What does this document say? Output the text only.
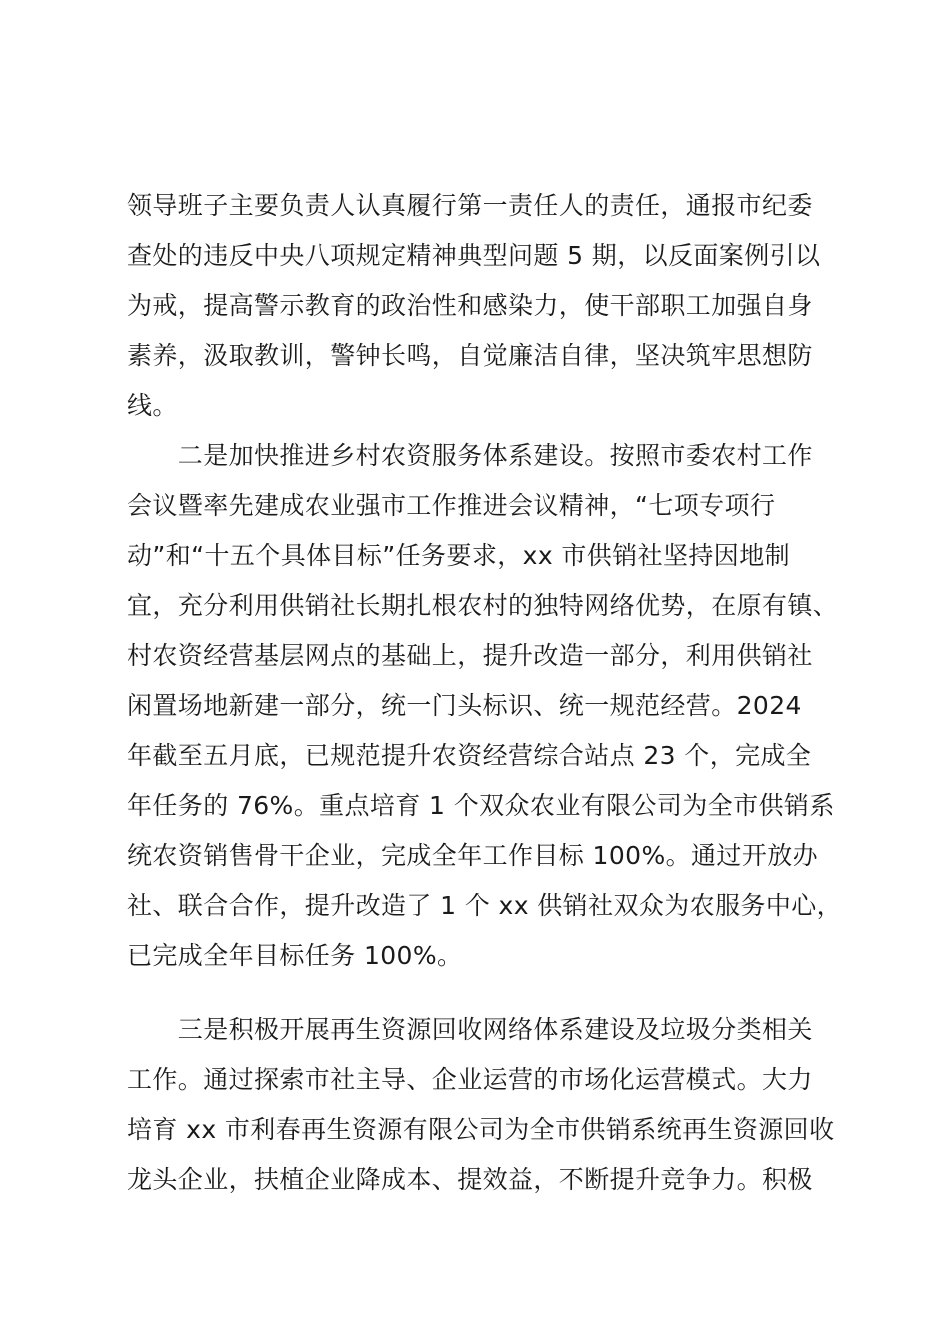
领导班子主要负责人认真履行第一责任人的责任，通报市纪委
查处的违反中央八项规定精神典型问题 5 期，以反面案例引以
为戒，提高警示教育的政治性和感染力，使干部职工加强自身
素养，汲取教训，警钟长鸣，自觉廉洁自律，坚决筑牢思想防
线。
　　二是加快推进乡村农资服务体系建设。按照市委农村工作
会议暨率先建成农业强市工作推进会议精神，“七项专项行
动”和“十五个具体目标”任务要求，xx 市供销社坚持因地制
宜，充分利用供销社长期扎根农村的独特网络优势，在原有镇、
村农资经营基层网点的基础上，提升改造一部分，利用供销社
闲置场地新建一部分，统一门头标识、统一规范经营。2024
年截至五月底，已规范提升农资经营综合站点 23 个，完成全
年任务的 76%。重点培育 1 个双众农业有限公司为全市供销系
统农资销售骨干企业，完成全年工作目标 100%。通过开放办
社、联合合作，提升改造了 1 个 xx 供销社双众为农服务中心，
已完成全年目标任务 100%。
　　三是积极开展再生资源回收网络体系建设及垃圾分类相关
工作。通过探索市社主导、企业运营的市场化运营模式。大力
培育 xx 市利春再生资源有限公司为全市供销系统再生资源回收
龙头企业，扶植企业降成本、提效益，不断提升竞争力。积极
